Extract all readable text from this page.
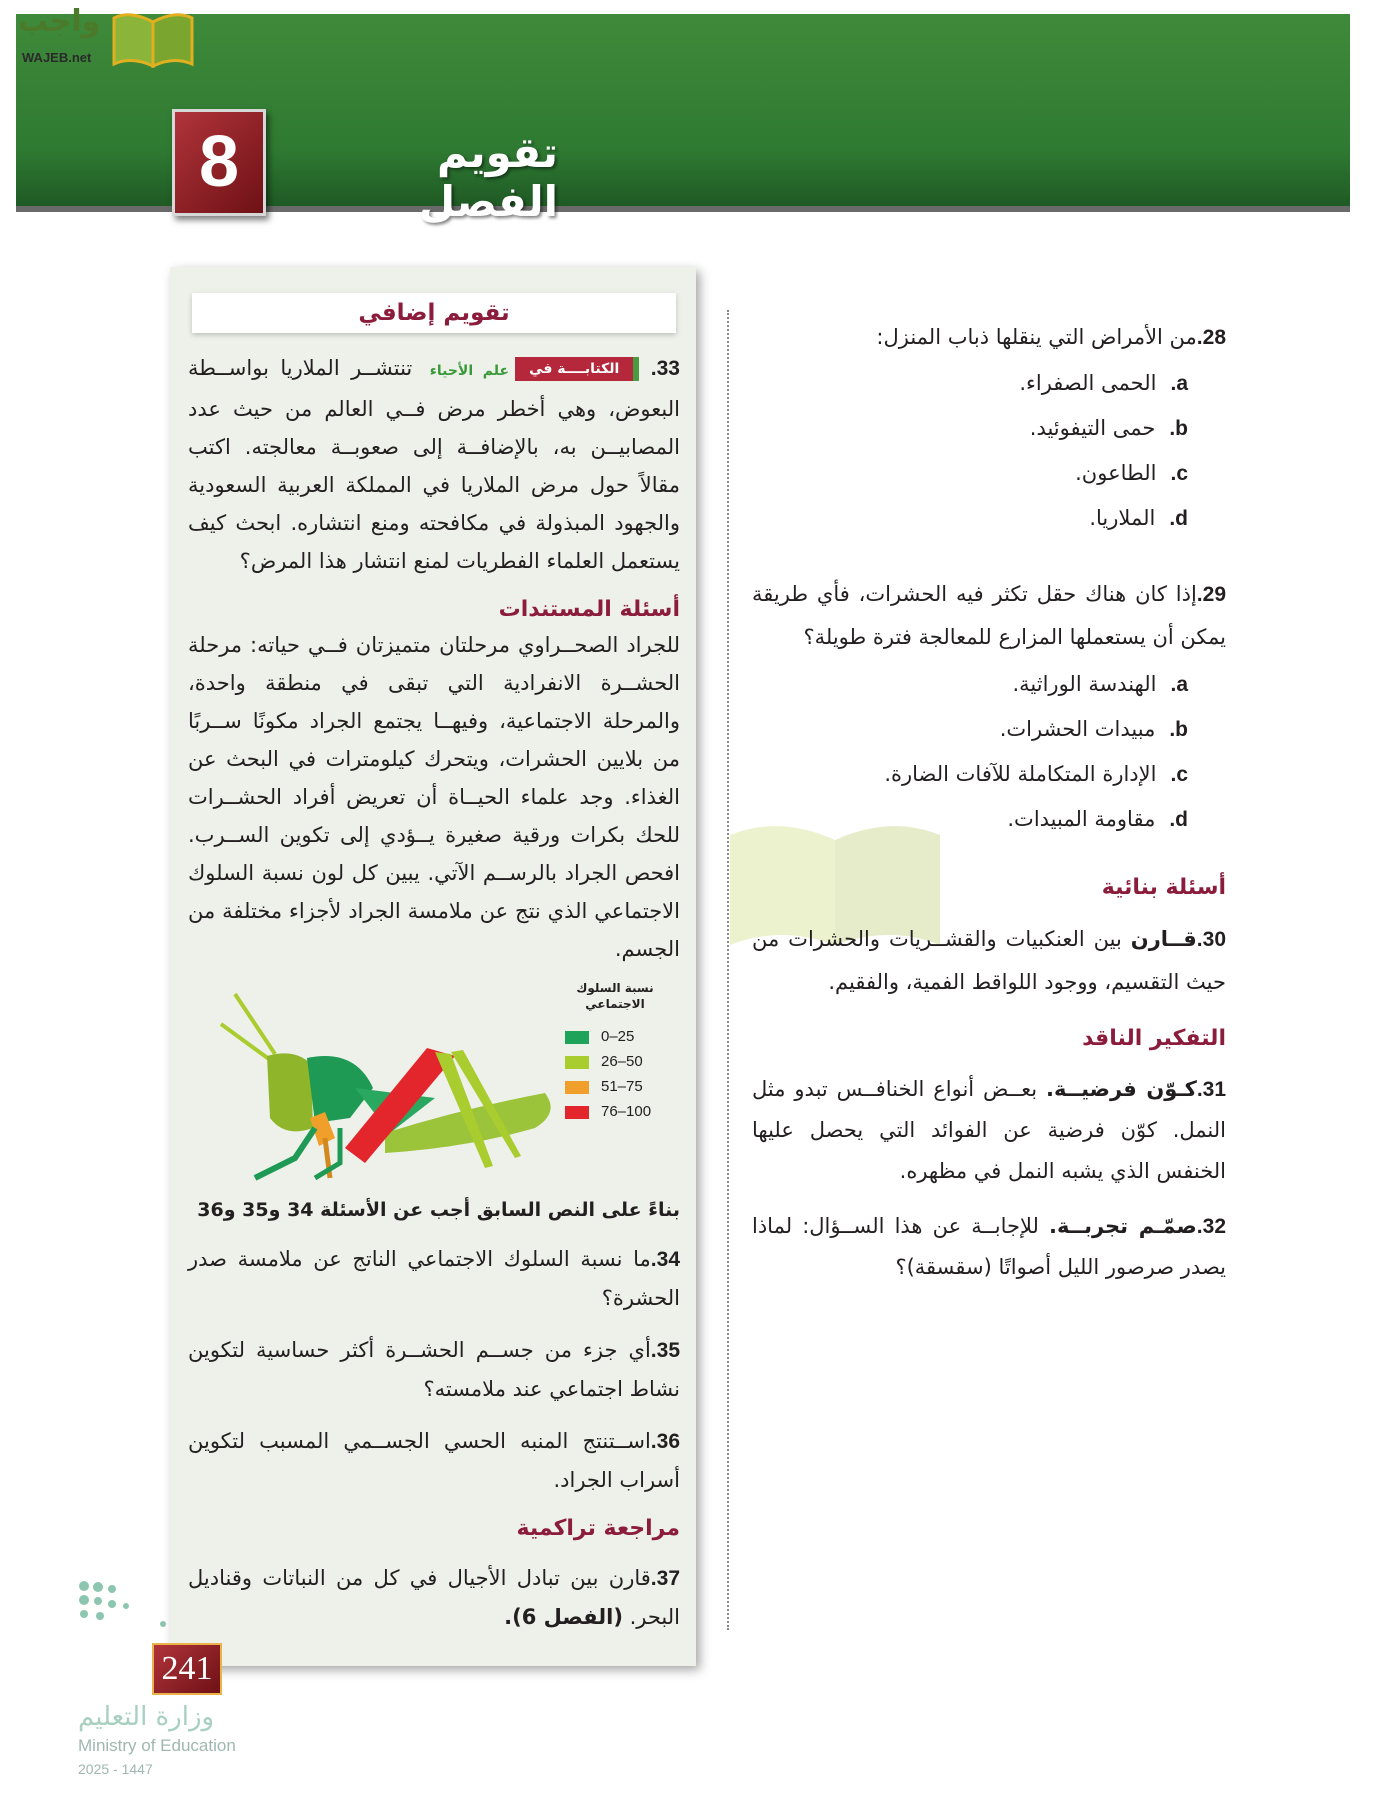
واجب
WAJEB.net
8	تقويم الفصل
تقويم إضافي
33. الكتابــــة فيعلم الأحياء تنتشــر الملاريا بواســطة البعوض، وهي أخطر مرض فــي العالم من حيث عدد المصابيــن به، بالإضافــة إلى صعوبــة معالجته. اكتب مقالاً حول مرض الملاريا في المملكة العربية السعودية والجهود المبذولة في مكافحته ومنع انتشاره. ابحث كيف يستعمل العلماء الفطريات لمنع انتشار هذا المرض؟
أسئلة المستندات
للجراد الصحــراوي مرحلتان متميزتان فــي حياته: مرحلة الحشــرة الانفرادية التي تبقى في منطقة واحدة، والمرحلة الاجتماعية، وفيهــا يجتمع الجراد مكونًا ســربًا من بلايين الحشرات، ويتحرك كيلومترات في البحث عن الغذاء. وجد علماء الحيــاة أن تعريض أفراد الحشــرات للحك بكرات ورقية صغيرة يــؤدي إلى تكوين الســرب. افحص الجراد بالرســم الآتي. يبين كل لون نسبة السلوك الاجتماعي الذي نتج عن ملامسة الجراد لأجزاء مختلفة من الجسم.
نسبة السلوك الاجتماعي
0–25
26–50
51–75
76–100
بناءً على النص السابق أجب عن الأسئلة 34 و35 و36
34.ما نسبة السلوك الاجتماعي الناتج عن ملامسة صدر الحشرة؟
35.أي جزء من جســم الحشــرة أكثر حساسية لتكوين نشاط اجتماعي عند ملامسته؟
36.اســتنتج المنبه الحسي الجســمي المسبب لتكوين أسراب الجراد.
مراجعة تراكمية
37.قارن بين تبادل الأجيال في كل من النباتات وقناديل البحر. (الفصل 6).
28.من الأمراض التي ينقلها ذباب المنزل:
a.الحمى الصفراء.
b.حمى التيفوئيد.
c.الطاعون.
d.الملاريا.
29.إذا كان هناك حقل تكثر فيه الحشرات، فأي طريقة يمكن أن يستعملها المزارع للمعالجة فترة طويلة؟
a.الهندسة الوراثية.
b.مبيدات الحشرات.
c.الإدارة المتكاملة للآفات الضارة.
d.مقاومة المبيدات.
أسئلة بنائية
30.قــارن بين العنكبيات والقشــريات والحشرات من حيث التقسيم، ووجود اللواقط الفمية، والفقيم.
التفكير الناقد
31.كـوّن فرضيــة. بعــض أنواع الخنافــس تبدو مثل النمل. كوّن فرضية عن الفوائد التي يحصل عليها الخنفس الذي يشبه النمل في مظهره.
32.صمّـم تجربــة. للإجابــة عن هذا الســؤال: لماذا يصدر صرصور الليل أصواتًا (سقسقة)؟
241
وزارة التعليم
Ministry of Education
2025 - 1447
